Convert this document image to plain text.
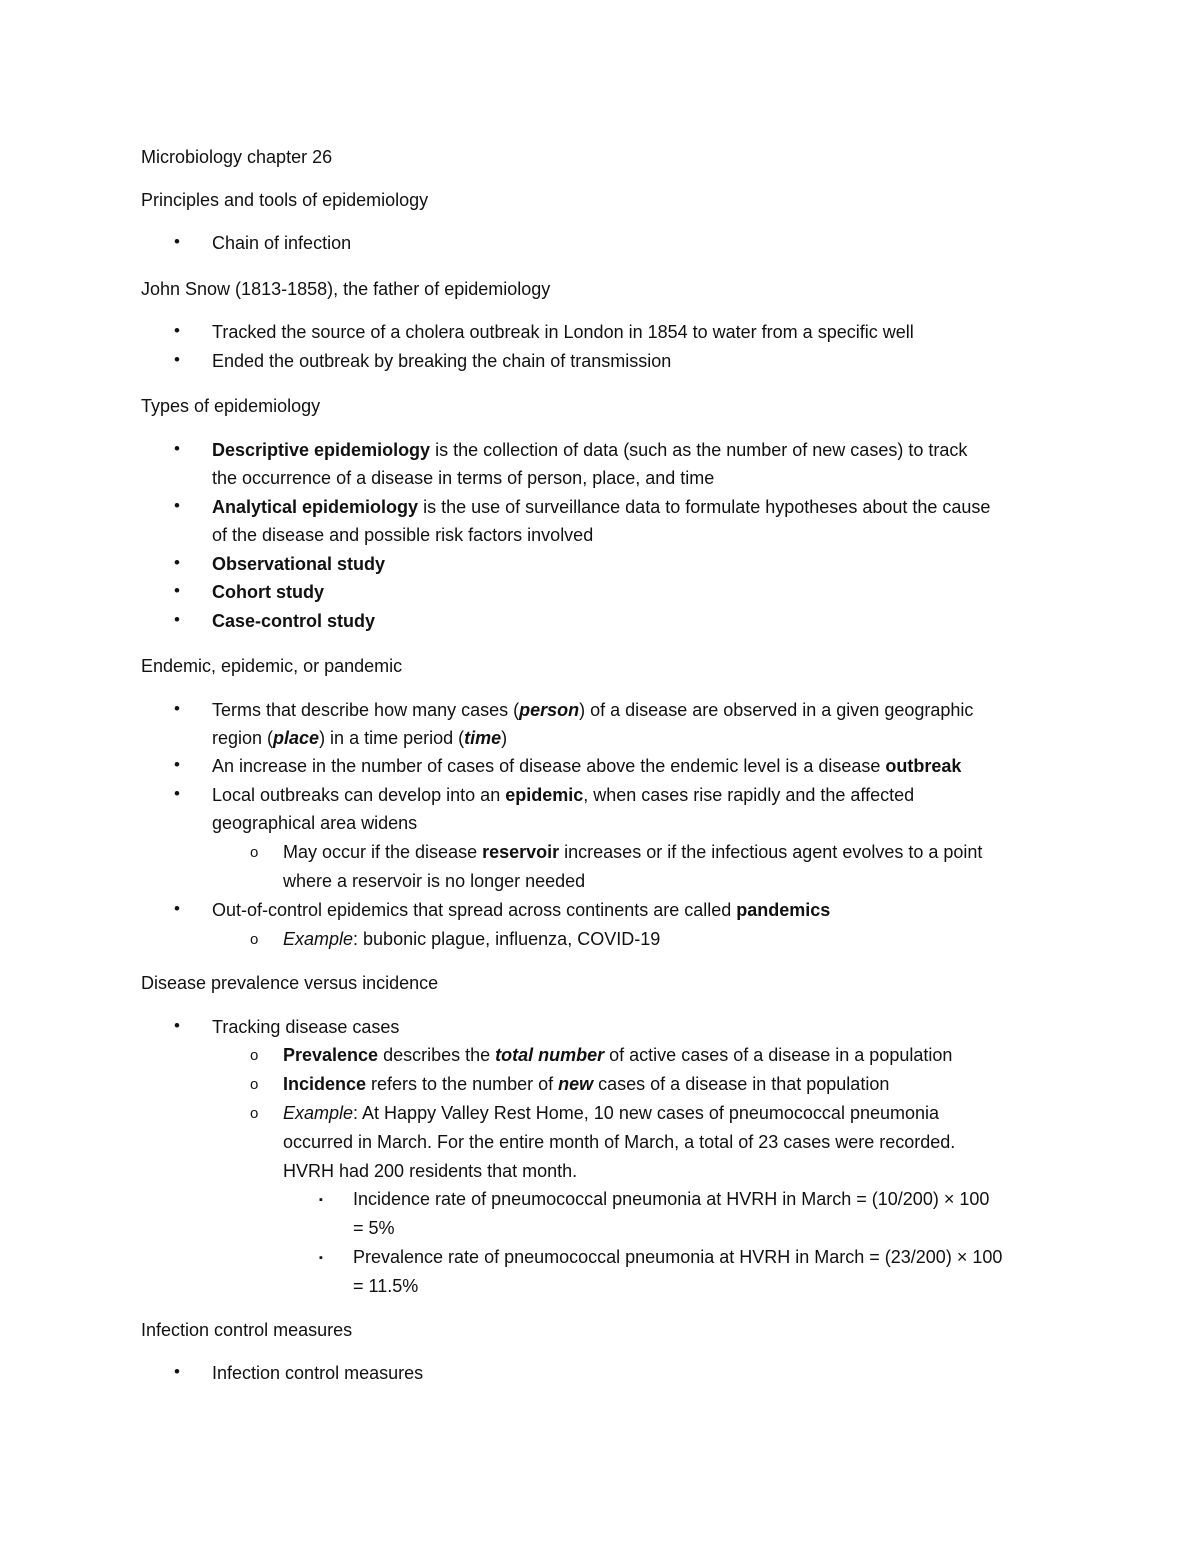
Microbiology chapter 26

Principles and tools of epidemiology

• Chain of infection

John Snow (1813-1858), the father of epidemiology

• Tracked the source of a cholera outbreak in London in 1854 to water from a specific well

• Ended the outbreak by breaking the chain of transmission

Types of epidemiology

• Descriptive epidemiology is the collection of data (such as the number of new cases) to track

the occurrence of a disease in terms of person, place, and time

• Analytical epidemiology is the use of surveillance data to formulate hypotheses about the cause

of the disease and possible risk factors involved

• Observational study

• Cohort study

• Case-control study

Endemic, epidemic, or pandemic

• Terms that describe how many cases (person) of a disease are observed in a given geographic

region (place) in a time period (time)

• An increase in the number of cases of disease above the endemic level is a disease outbreak

• Local outbreaks can develop into an epidemic, when cases rise rapidly and the affected

geographical area widens

o May occur if the disease reservoir increases or if the infectious agent evolves to a point

where a reservoir is no longer needed

• Out-of-control epidemics that spread across continents are called pandemics

o Example: bubonic plague, influenza, COVID-19

Disease prevalence versus incidence

• Tracking disease cases

o Prevalence describes the total number of active cases of a disease in a population

o Incidence refers to the number of new cases of a disease in that population

o Example: At Happy Valley Rest Home, 10 new cases of pneumococcal pneumonia

occurred in March. For the entire month of March, a total of 23 cases were recorded.

HVRH had 200 residents that month.

▪ Incidence rate of pneumococcal pneumonia at HVRH in March = (10/200) × 100

= 5%

▪ Prevalence rate of pneumococcal pneumonia at HVRH in March = (23/200) × 100

= 11.5%

Infection control measures

• Infection control measures
